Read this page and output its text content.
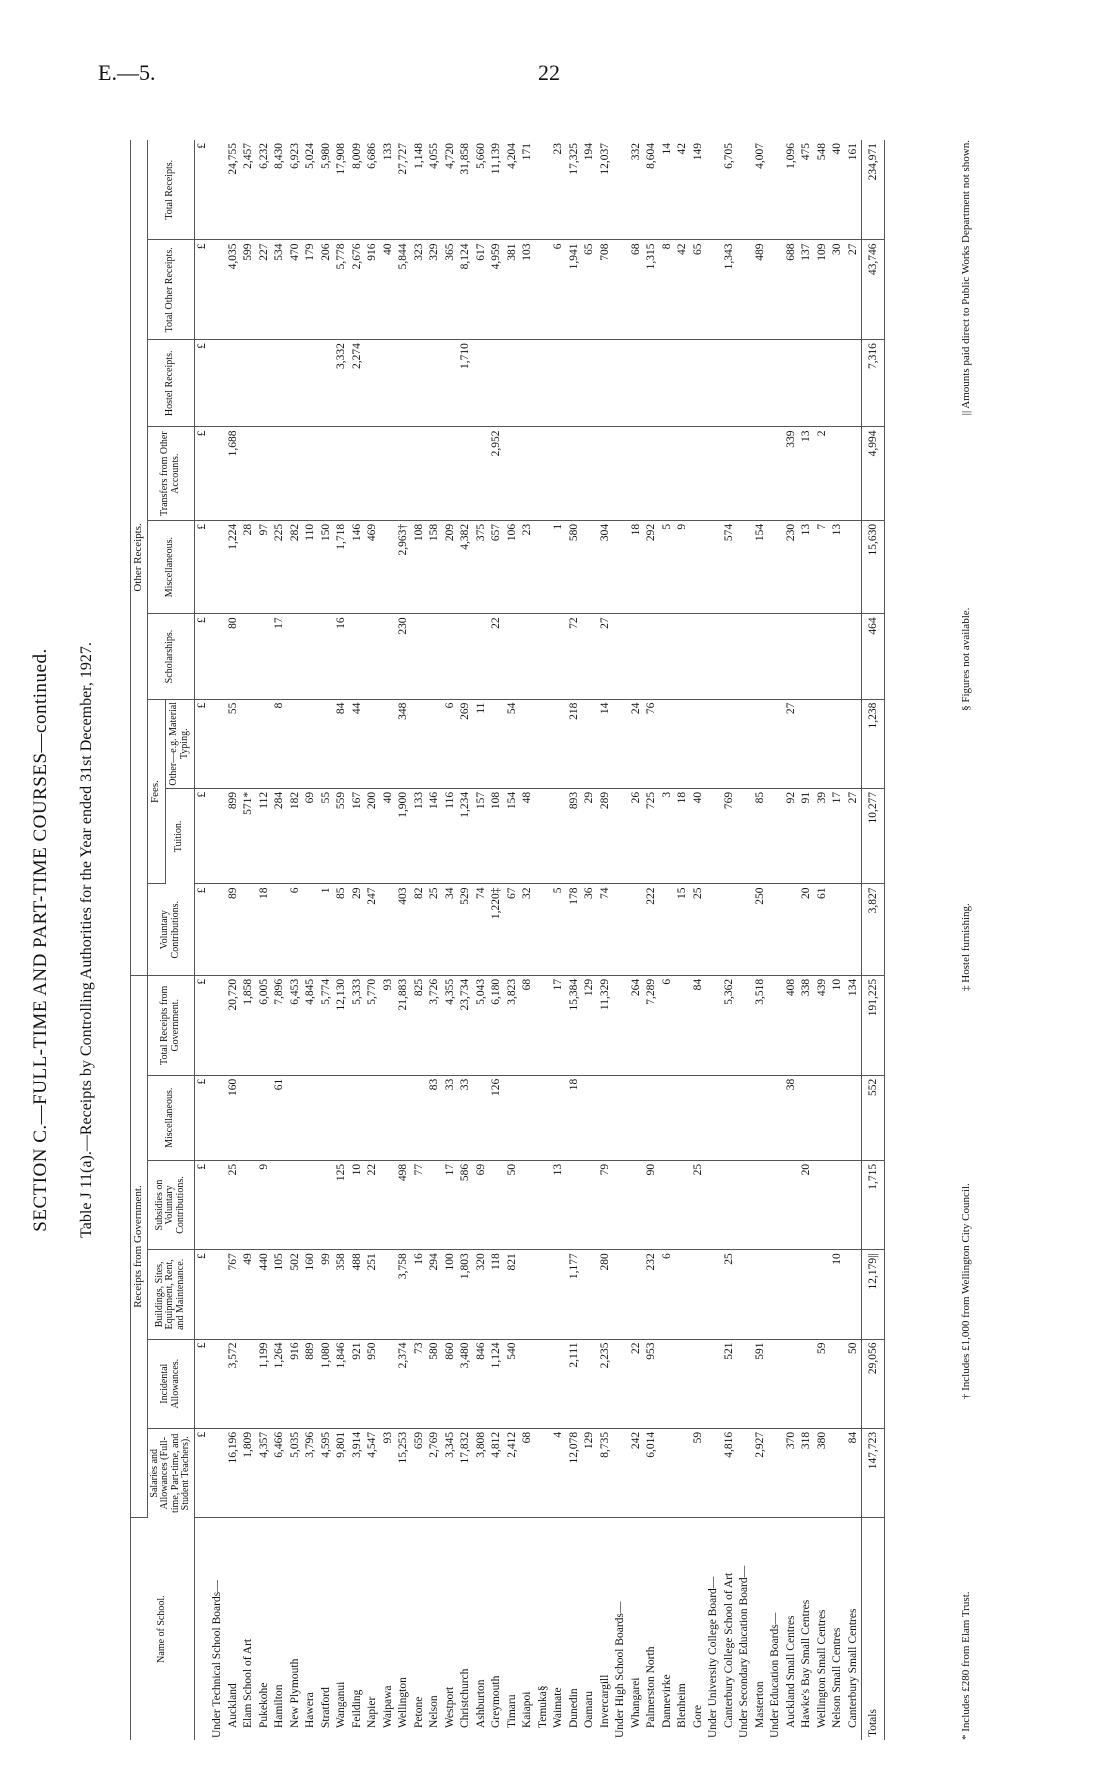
E.—5.	22
SECTION C.—FULL-TIME AND PART-TIME COURSES—continued. Table J 11(a).—Receipts by Controlling Authorities for the Year ended 31st December, 1927.
Name of School.	Receipts from Government.						Other Receipts.								
	Salaries and Allowances (Full-time, Part-time, and Student Teachers).	Incidental Allowances.	Buildings, Sites, Equipment, Rent, and Maintenance.	Subsidies on Voluntary Contributions.	Miscellaneous.	Total Receipts from Government.	Voluntary Contributions.	Fees.		Scholarships.	Miscellaneous.	Transfers from Other Accounts.	Hostel Receipts.	Total Other Receipts.	Total Receipts.
								Tuition.	Other—e.g. Material Typing.						
	£	£	£	£	£	£	£	£	£	£	£	£	£	£	£
Under Technical School Boards—															
Auckland	16,196	3,572	767	25	160	20,720	89	899	55	80	1,224	1,688		4,035	24,755
Elam School of Art	1,809		49			1,858		571*			28			599	2,457
Pukekohe	4,357	1,199	440	9		6,005	18	112			97			227	6,232
Hamilton	6,466	1,264	105		61	7,896		284	8	17	225			534	8,430
New Plymouth	5,035	916	502			6,453	6	182			282			470	6,923
Hawera	3,796	889	160			4,845		69			110			179	5,024
Stratford	4,595	1,080	99			5,774	1	55			150			206	5,980
Wanganui	9,801	1,846	358	125		12,130	85	559	84	16	1,718		3,332	5,778	17,908
Feilding	3,914	921	488	10		5,333	29	167	44		146		2,274	2,676	8,009
Napier	4,547	950	251	22		5,770	247	200			469			916	6,686
Waipawa	93					93		40						40	133
Wellington	15,253	2,374	3,758	498		21,883	403	1,900	348	230	2,963†			5,844	27,727
Petone	659	73	16	77		825	82	133			108			323	1,148
Nelson	2,769	580	294		83	3,726	25	146			158			329	4,055
Westport	3,345	860	100	17	33	4,355	34	116	6		209			365	4,720
Christchurch	17,832	3,480	1,803	586	33	23,734	529	1,234	269		4,382		1,710	8,124	31,858
Ashburton	3,808	846	320	69		5,043	74	157	11		375			617	5,660
Greymouth	4,812	1,124	118		126	6,180	1,220‡	108		22	657	2,952		4,959	11,139
Timaru	2,412	540	821	50		3,823	67	154	54		106			381	4,204
Kaiapoi	68					68	32	48			23			103	171
Temuka§															
Waimate	4			13		17	5				1			6	23
Dunedin	12,078	2,111	1,177		18	15,384	178	893	218	72	580			1,941	17,325
Oamaru	129					129	36	29						65	194
Invercargill	8,735	2,235	280	79		11,329	74	289	14	27	304			708	12,037
Under High School Boards—															
Whangarei	242	22				264		26	24		18			68	332
Palmerston North	6,014	953	232	90		7,289	222	725	76		292			1,315	8,604
Dannevirke			6			6		3			5			8	14
Blenheim							15	18			9			42	42
Gore	59			25		84	25	40						65	149
Under University College Board—															
Canterbury College School of Art	4,816	521	25			5,362		769			574			1,343	6,705
Under Secondary Education Board—															
Masterton	2,927	591				3,518	250	85			154			489	4,007
Under Education Boards—															
Auckland Small Centres	370				38	408		92	27		230	339		688	1,096
Hawke's Bay Small Centres	318			20		338	20	91			13	13		137	475
Wellington Small Centres	380	59				439	61	39			7	2		109	548
Nelson Small Centres			10			10		17			13			30	40
Canterbury Small Centres	84	50				134		27						27	161
Totals	147,723	29,056	12,179||	1,715	552	191,225	3,827	10,277	1,238	464	15,630	4,994	7,316	43,746	234,971
* Includes £280 from Elam Trust.
† Includes £1,000 from Wellington City Council.
‡ Hostel furnishing.
§ Figures not available.
|| Amounts paid direct to Public Works Department not shown.
